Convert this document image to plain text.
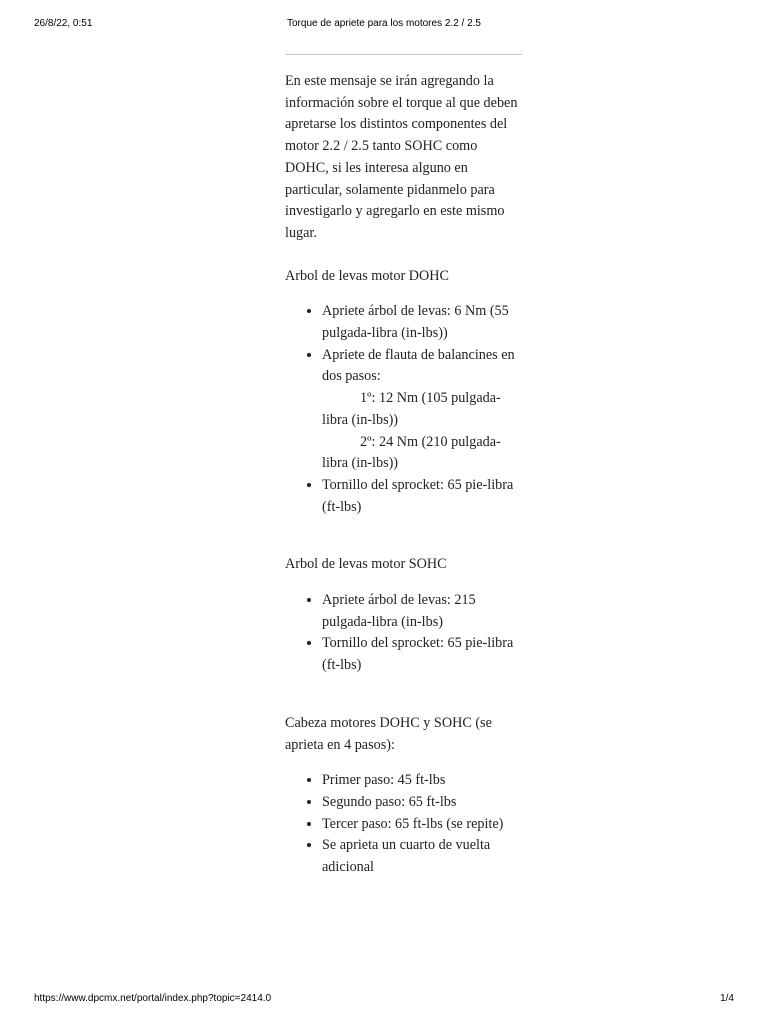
26/8/22, 0:51	Torque de apriete para los motores 2.2 / 2.5

En este mensaje se irán agregando la información sobre el torque al que deben apretarse los distintos componentes del motor 2.2 / 2.5 tanto SOHC como DOHC, si les interesa alguno en particular, solamente pidanmelo para investigarlo y agregarlo en este mismo lugar.

Arbol de levas motor DOHC

• Apriete árbol de levas: 6 Nm (55 pulgada-libra (in-lbs))
• Apriete de flauta de balancines en dos pasos:
1º: 12 Nm (105 pulgada-libra (in-lbs))
2º: 24 Nm (210 pulgada-libra (in-lbs))
• Tornillo del sprocket: 65 pie-libra (ft-lbs)

Arbol de levas motor SOHC

• Apriete árbol de levas: 215 pulgada-libra (in-lbs)
• Tornillo del sprocket: 65 pie-libra (ft-lbs)

Cabeza motores DOHC y SOHC (se aprieta en 4 pasos):

• Primer paso: 45 ft-lbs
• Segundo paso: 65 ft-lbs
• Tercer paso: 65 ft-lbs (se repite)
• Se aprieta un cuarto de vuelta adicional
https://www.dpcmx.net/portal/index.php?topic=2414.0	1/4
